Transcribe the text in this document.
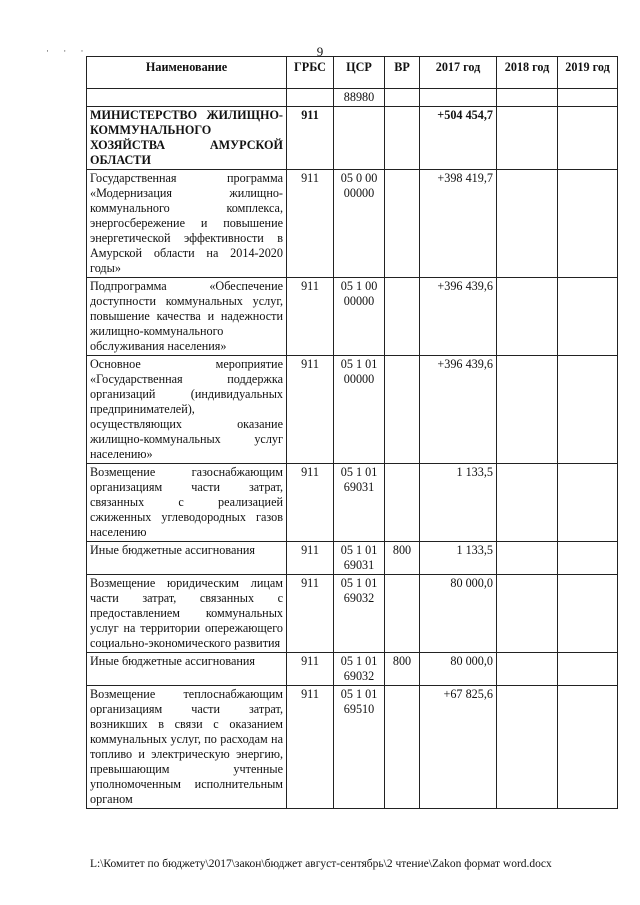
9
· · ·
Наименование	ГРБС	ЦСР	ВР	2017 год	2018 год	2019 год
		88980				
МИНИСТЕРСТВО ЖИЛИЩНО-КОММУНАЛЬНОГО ХОЗЯЙСТВА АМУРСКОЙ ОБЛАСТИ	911			+504 454,7		
Государственная программа «Модернизация жилищно-коммунального комплекса, энергосбережение и повышение энергетической эффективности в Амурской области на 2014-2020 годы»	911	05 0 00 00000		+398 419,7		
Подпрограмма «Обеспечение доступности коммунальных услуг, повышение качества и надежности жилищно-коммунального обслуживания населения»	911	05 1 00 00000		+396 439,6		
Основное мероприятие «Государственная поддержка организаций (индивидуальных предпринимателей), осуществляющих оказание жилищно-коммунальных услуг населению»	911	05 1 01 00000		+396 439,6		
Возмещение газоснабжающим организациям части затрат, связанных с реализацией сжиженных углеводородных газов населению	911	05 1 01 69031		1 133,5		
Иные бюджетные ассигнования	911	05 1 01 69031	800	1 133,5		
Возмещение юридическим лицам части затрат, связанных с предоставлением коммунальных услуг на территории опережающего социально-экономического развития	911	05 1 01 69032		80 000,0		
Иные бюджетные ассигнования	911	05 1 01 69032	800	80 000,0		
Возмещение теплоснабжающим организациям части затрат, возникших в связи с оказанием коммунальных услуг, по расходам на топливо и электрическую энергию, превышающим учтенные уполномоченным исполнительным органом	911	05 1 01 69510		+67 825,6		
L:\Комитет по бюджету\2017\закон\бюджет август-сентябрь\2 чтение\Zakon формат word.docx
